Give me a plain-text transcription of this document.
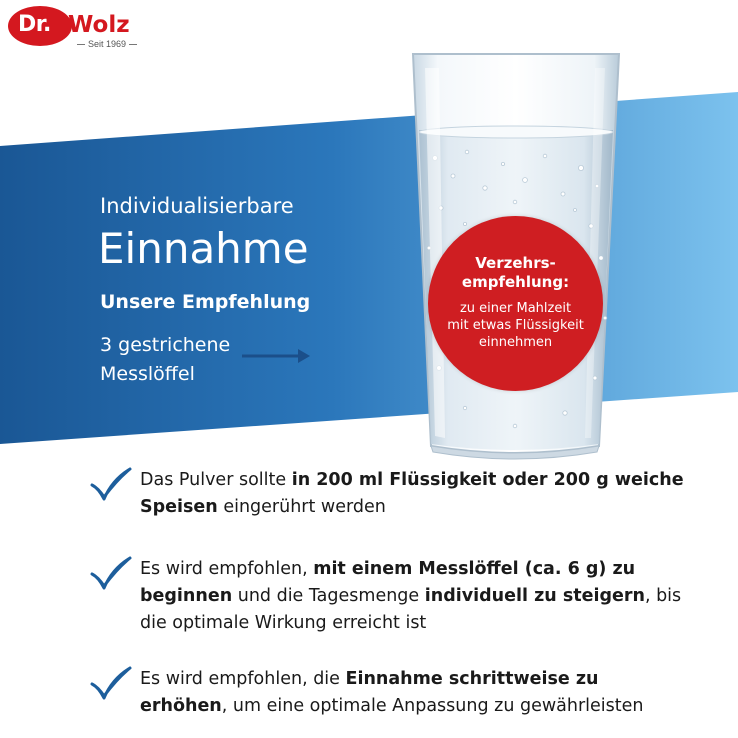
Dr. Wolz
Seit 1969
Individualisierbare
Einnahme
Unsere Empfehlung
3 gestrichene
Messlöffel
Verzehrs-
empfehlung:
zu einer Mahlzeit
mit etwas Flüssigkeit
einnehmen
Das Pulver sollte in 200 ml Flüssigkeit oder 200 g weiche Speisen eingerührt werden
Es wird empfohlen, mit einem Messlöffel (ca. 6 g) zu beginnen und die Tagesmenge individuell zu steigern, bis die optimale Wirkung erreicht ist
Es wird empfohlen, die Einnahme schrittweise zu erhöhen, um eine optimale Anpassung zu gewährleisten
